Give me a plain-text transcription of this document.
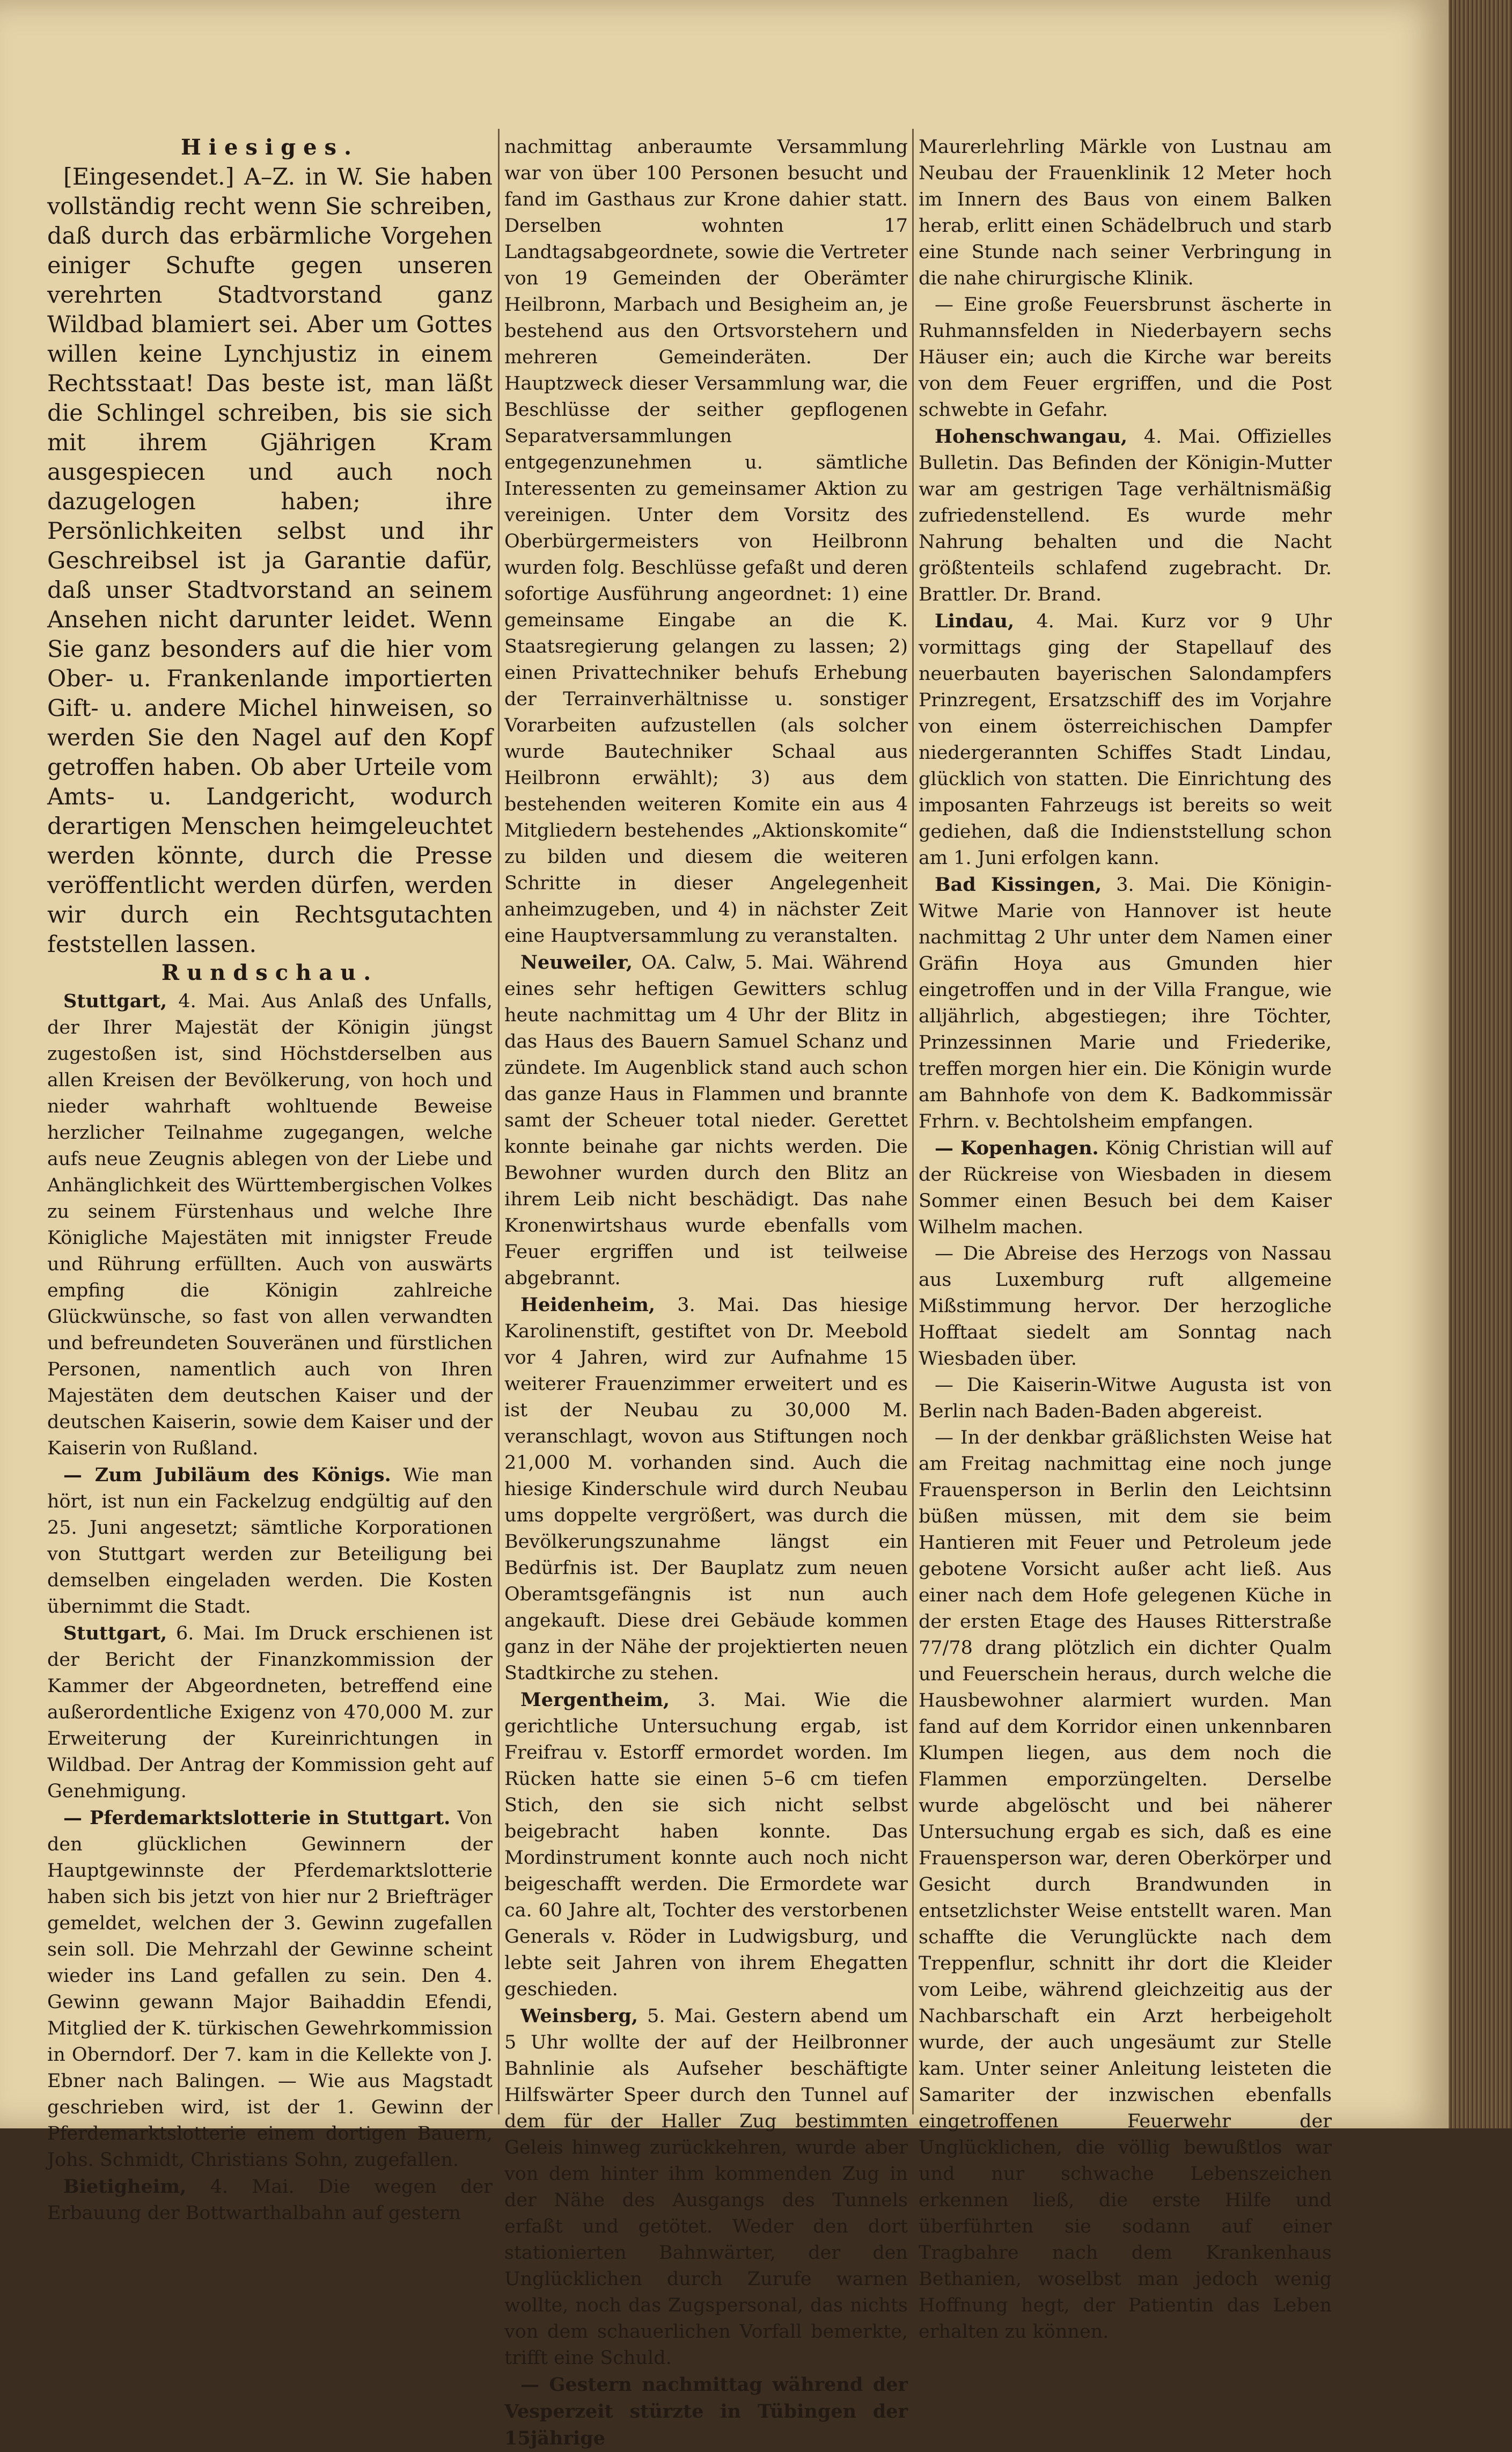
Hiesiges.

[Eingesendet.] A–Z. in W. Sie haben vollständig recht wenn Sie schreiben, daß durch das erbärmliche Vorgehen einiger Schufte gegen unseren verehrten Stadtvorstand ganz Wildbad blamiert sei. Aber um Gottes willen keine Lynchjustiz in einem Rechtsstaat! Das beste ist, man läßt die Schlingel schreiben, bis sie sich mit ihrem Gjährigen Kram ausgespiecen und auch noch dazugelogen haben; ihre Persönlichkeiten selbst und ihr Geschreibsel ist ja Garantie dafür, daß unser Stadtvorstand an seinem Ansehen nicht darunter leidet. Wenn Sie ganz besonders auf die hier vom Ober- u. Frankenlande importierten Gift- u. andere Michel hinweisen, so werden Sie den Nagel auf den Kopf getroffen haben. Ob aber Urteile vom Amts- u. Landgericht, wodurch derartigen Menschen heimgeleuchtet werden könnte, durch die Presse veröffentlicht werden dürfen, werden wir durch ein Rechtsgutachten feststellen lassen.

Rundschau.

Stuttgart, 4. Mai. Aus Anlaß des Unfalls, der Ihrer Majestät der Königin jüngst zugestoßen ist, sind Höchstderselben aus allen Kreisen der Bevölkerung, von hoch und nieder wahrhaft wohltuende Beweise herzlicher Teilnahme zugegangen, welche aufs neue Zeugnis ablegen von der Liebe und Anhänglichkeit des Württembergischen Volkes zu seinem Fürstenhaus und welche Ihre Königliche Majestäten mit innigster Freude und Rührung erfüllten. Auch von auswärts empfing die Königin zahlreiche Glückwünsche, so fast von allen verwandten und befreundeten Souveränen und fürstlichen Personen, namentlich auch von Ihren Majestäten dem deutschen Kaiser und der deutschen Kaiserin, sowie dem Kaiser und der Kaiserin von Rußland.

— Zum Jubiläum des Königs. Wie man hört, ist nun ein Fackelzug endgültig auf den 25. Juni angesetzt; sämtliche Korporationen von Stuttgart werden zur Beteiligung bei demselben eingeladen werden. Die Kosten übernimmt die Stadt.

Stuttgart, 6. Mai. Im Druck erschienen ist der Bericht der Finanzkommission der Kammer der Abgeordneten, betreffend eine außerordentliche Exigenz von 470,000 M. zur Erweiterung der Kureinrichtungen in Wildbad. Der Antrag der Kommission geht auf Genehmigung.

— Pferdemarktslotterie in Stuttgart. Von den glücklichen Gewinnern der Hauptgewinnste der Pferdemarktslotterie haben sich bis jetzt von hier nur 2 Briefträger gemeldet, welchen der 3. Gewinn zugefallen sein soll. Die Mehrzahl der Gewinne scheint wieder ins Land gefallen zu sein. Den 4. Gewinn gewann Major Baihaddin Efendi, Mitglied der K. türkischen Gewehrkommission in Oberndorf. Der 7. kam in die Kellekte von J. Ebner nach Balingen. — Wie aus Magstadt geschrieben wird, ist der 1. Gewinn der Pferdemarktslotterie einem dortigen Bauern, Johs. Schmidt, Christians Sohn, zugefallen.

Bietigheim, 4. Mai. Die wegen der Erbauung der Bottwarthalbahn auf gestern

nachmittag anberaumte Versammlung war von über 100 Personen besucht und fand im Gasthaus zur Krone dahier statt. Derselben wohnten 17 Landtagsabgeordnete, sowie die Vertreter von 19 Gemeinden der Oberämter Heilbronn, Marbach und Besigheim an, je bestehend aus den Ortsvorstehern und mehreren Gemeinderäten. Der Hauptzweck dieser Versammlung war, die Beschlüsse der seither gepflogenen Separatversammlungen entgegenzunehmen u. sämtliche Interessenten zu gemeinsamer Aktion zu vereinigen. Unter dem Vorsitz des Oberbürgermeisters von Heilbronn wurden folg. Beschlüsse gefaßt und deren sofortige Ausführung angeordnet: 1) eine gemeinsame Eingabe an die K. Staatsregierung gelangen zu lassen; 2) einen Privattechniker behufs Erhebung der Terrainverhältnisse u. sonstiger Vorarbeiten aufzustellen (als solcher wurde Bautechniker Schaal aus Heilbronn erwählt); 3) aus dem bestehenden weiteren Komite ein aus 4 Mitgliedern bestehendes „Aktionskomite“ zu bilden und diesem die weiteren Schritte in dieser Angelegenheit anheimzugeben, und 4) in nächster Zeit eine Hauptversammlung zu veranstalten.

Neuweiler, OA. Calw, 5. Mai. Während eines sehr heftigen Gewitters schlug heute nachmittag um 4 Uhr der Blitz in das Haus des Bauern Samuel Schanz und zündete. Im Augenblick stand auch schon das ganze Haus in Flammen und brannte samt der Scheuer total nieder. Gerettet konnte beinahe gar nichts werden. Die Bewohner wurden durch den Blitz an ihrem Leib nicht beschädigt. Das nahe Kronenwirtshaus wurde ebenfalls vom Feuer ergriffen und ist teilweise abgebrannt.

Heidenheim, 3. Mai. Das hiesige Karolinenstift, gestiftet von Dr. Meebold vor 4 Jahren, wird zur Aufnahme 15 weiterer Frauenzimmer erweitert und es ist der Neubau zu 30,000 M. veranschlagt, wovon aus Stiftungen noch 21,000 M. vorhanden sind. Auch die hiesige Kinderschule wird durch Neubau ums doppelte vergrößert, was durch die Bevölkerungszunahme längst ein Bedürfnis ist. Der Bauplatz zum neuen Oberamtsgefängnis ist nun auch angekauft. Diese drei Gebäude kommen ganz in der Nähe der projektierten neuen Stadtkirche zu stehen.

Mergentheim, 3. Mai. Wie die gerichtliche Untersuchung ergab, ist Freifrau v. Estorff ermordet worden. Im Rücken hatte sie einen 5–6 cm tiefen Stich, den sie sich nicht selbst beigebracht haben konnte. Das Mordinstrument konnte auch noch nicht beigeschafft werden. Die Ermordete war ca. 60 Jahre alt, Tochter des verstorbenen Generals v. Röder in Ludwigsburg, und lebte seit Jahren von ihrem Ehegatten geschieden.

Weinsberg, 5. Mai. Gestern abend um 5 Uhr wollte der auf der Heilbronner Bahnlinie als Aufseher beschäftigte Hilfswärter Speer durch den Tunnel auf dem für der Haller Zug bestimmten Geleis hinweg zurückkehren, wurde aber von dem hinter ihm kommenden Zug in der Nähe des Ausgangs des Tunnels erfaßt und getötet. Weder den dort stationierten Bahnwärter, der den Unglücklichen durch Zurufe warnen wollte, noch das Zugspersonal, das nichts von dem schauerlichen Vorfall bemerkte, trifft eine Schuld.

— Gestern nachmittag während der Vesperzeit stürzte in Tübingen der 15jährige

Maurerlehrling Märkle von Lustnau am Neubau der Frauenklinik 12 Meter hoch im Innern des Baus von einem Balken herab, erlitt einen Schädelbruch und starb eine Stunde nach seiner Verbringung in die nahe chirurgische Klinik.

— Eine große Feuersbrunst äscherte in Ruhmannsfelden in Niederbayern sechs Häuser ein; auch die Kirche war bereits von dem Feuer ergriffen, und die Post schwebte in Gefahr.

Hohenschwangau, 4. Mai. Offizielles Bulletin. Das Befinden der Königin-Mutter war am gestrigen Tage verhältnismäßig zufriedenstellend. Es wurde mehr Nahrung behalten und die Nacht größtenteils schlafend zugebracht. Dr. Brattler. Dr. Brand.

Lindau, 4. Mai. Kurz vor 9 Uhr vormittags ging der Stapellauf des neuerbauten bayerischen Salondampfers Prinzregent, Ersatzschiff des im Vorjahre von einem österreichischen Dampfer niedergerannten Schiffes Stadt Lindau, glücklich von statten. Die Einrichtung des imposanten Fahrzeugs ist bereits so weit gediehen, daß die Indienststellung schon am 1. Juni erfolgen kann.

Bad Kissingen, 3. Mai. Die Königin-Witwe Marie von Hannover ist heute nachmittag 2 Uhr unter dem Namen einer Gräfin Hoya aus Gmunden hier eingetroffen und in der Villa Frangue, wie alljährlich, abgestiegen; ihre Töchter, Prinzessinnen Marie und Friederike, treffen morgen hier ein. Die Königin wurde am Bahnhofe von dem K. Badkommissär Frhrn. v. Bechtolsheim empfangen.

— Kopenhagen. König Christian will auf der Rückreise von Wiesbaden in diesem Sommer einen Besuch bei dem Kaiser Wilhelm machen.

— Die Abreise des Herzogs von Nassau aus Luxemburg ruft allgemeine Mißstimmung hervor. Der herzogliche Hofftaat siedelt am Sonntag nach Wiesbaden über.

— Die Kaiserin-Witwe Augusta ist von Berlin nach Baden-Baden abgereist.

— In der denkbar gräßlichsten Weise hat am Freitag nachmittag eine noch junge Frauensperson in Berlin den Leichtsinn büßen müssen, mit dem sie beim Hantieren mit Feuer und Petroleum jede gebotene Vorsicht außer acht ließ. Aus einer nach dem Hofe gelegenen Küche in der ersten Etage des Hauses Ritterstraße 77/78 drang plötzlich ein dichter Qualm und Feuerschein heraus, durch welche die Hausbewohner alarmiert wurden. Man fand auf dem Korridor einen unkennbaren Klumpen liegen, aus dem noch die Flammen emporzüngelten. Derselbe wurde abgelöscht und bei näherer Untersuchung ergab es sich, daß es eine Frauensperson war, deren Oberkörper und Gesicht durch Brandwunden in entsetzlichster Weise entstellt waren. Man schaffte die Verunglückte nach dem Treppenflur, schnitt ihr dort die Kleider vom Leibe, während gleichzeitig aus der Nachbarschaft ein Arzt herbeigeholt wurde, der auch ungesäumt zur Stelle kam. Unter seiner Anleitung leisteten die Samariter der inzwischen ebenfalls eingetroffenen Feuerwehr der Unglücklichen, die völlig bewußtlos war und nur schwache Lebenszeichen erkennen ließ, die erste Hilfe und überführten sie sodann auf einer Tragbahre nach dem Krankenhaus Bethanien, woselbst man jedoch wenig Hoffnung hegt, der Patientin das Leben erhalten zu können.
